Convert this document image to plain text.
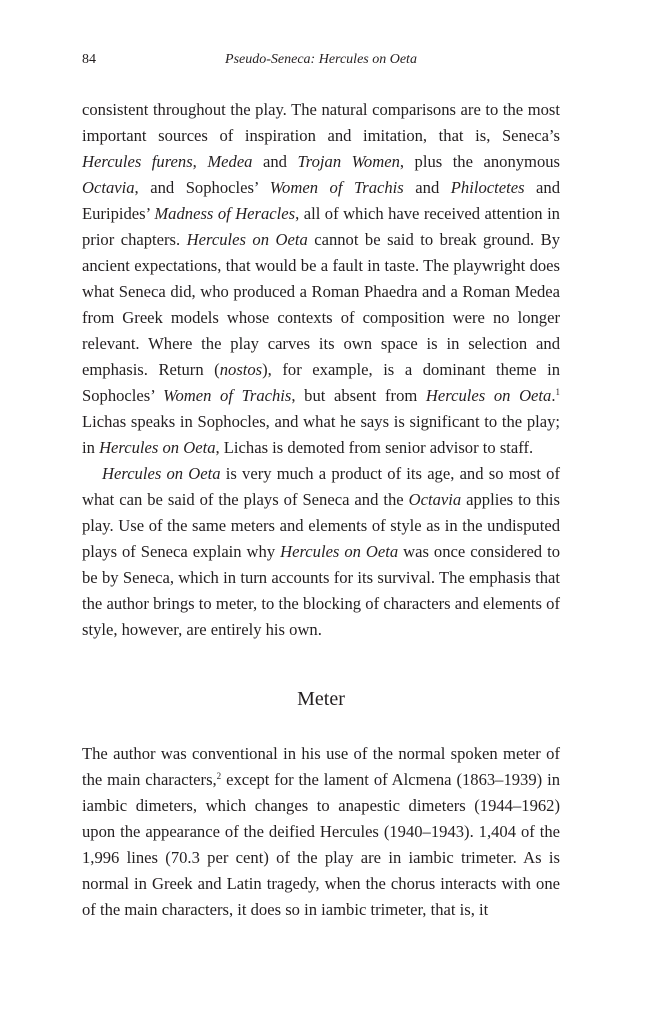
84	Pseudo-Seneca: Hercules on Oeta

consistent throughout the play. The natural comparisons are to the most important sources of inspiration and imitation, that is, Seneca’s Hercules furens, Medea and Trojan Women, plus the anonymous Octavia, and Sophocles’ Women of Trachis and Philoctetes and Euripides’ Madness of Heracles, all of which have received attention in prior chapters. Hercules on Oeta cannot be said to break ground. By ancient expectations, that would be a fault in taste. The playwright does what Seneca did, who produced a Roman Phaedra and a Roman Medea from Greek models whose contexts of composition were no longer relevant. Where the play carves its own space is in selection and emphasis. Return (nostos), for example, is a dominant theme in Sophocles’ Women of Trachis, but absent from Hercules on Oeta.$^1$ Lichas speaks in Sophocles, and what he says is significant to the play; in Hercules on Oeta, Lichas is demoted from senior advisor to staff.

Hercules on Oeta is very much a product of its age, and so most of what can be said of the plays of Seneca and the Octavia applies to this play. Use of the same meters and elements of style as in the undisputed plays of Seneca explain why Hercules on Oeta was once considered to be by Seneca, which in turn accounts for its survival. The emphasis that the author brings to meter, to the blocking of characters and elements of style, however, are entirely his own.

Meter

The author was conventional in his use of the normal spoken meter of the main characters,$^2$ except for the lament of Alcmena (1863–1939) in iambic dimeters, which changes to anapestic dimeters (1944–1962) upon the appearance of the deified Hercules (1940–1943). 1,404 of the 1,996 lines (70.3 per cent) of the play are in iambic trimeter. As is normal in Greek and Latin tragedy, when the chorus interacts with one of the main characters, it does so in iambic trimeter, that is, it
